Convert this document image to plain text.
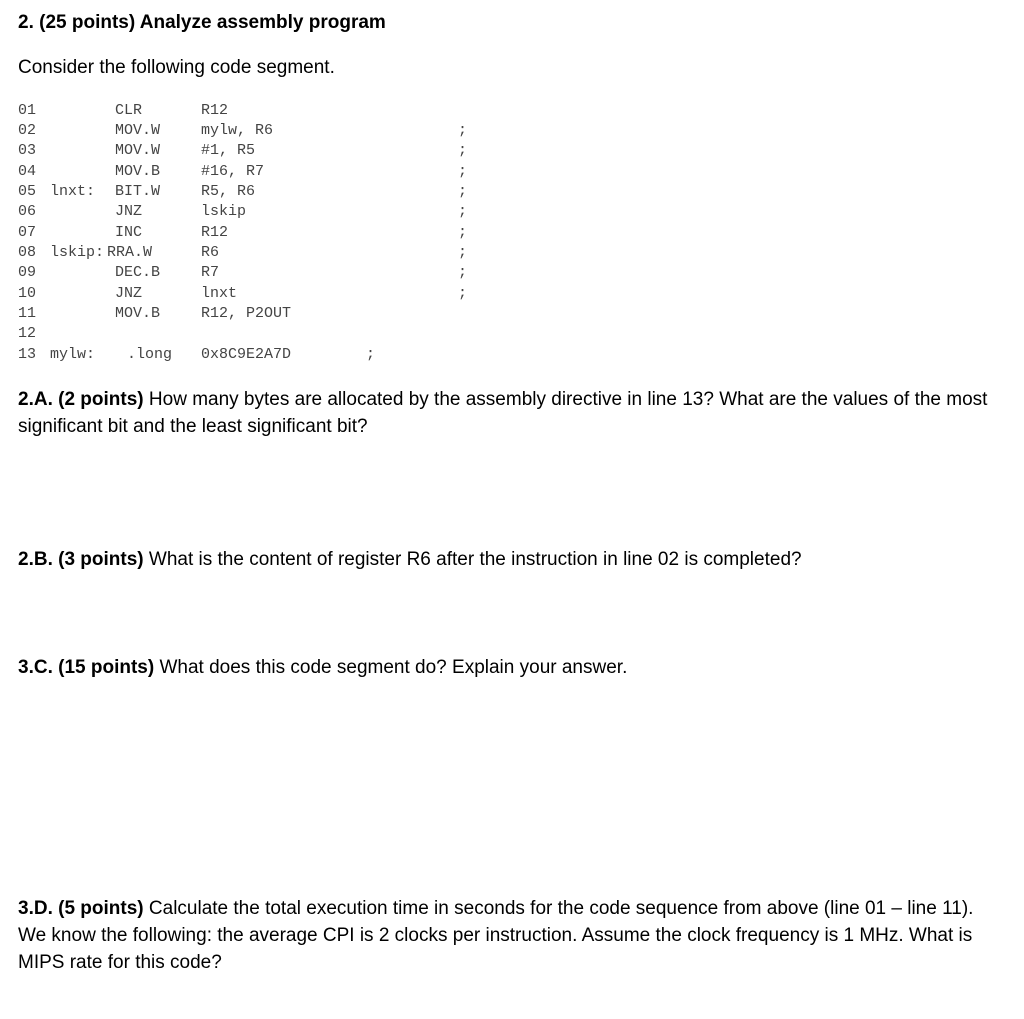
2. (25 points) Analyze assembly program
Consider the following code segment.
01	CLR	R12
02	MOV.W	mylw, R6	;
03	MOV.W	#1, R5	;
04	MOV.B	#16, R7	;
05 lnxt: BIT.W	R5, R6	;
06	JNZ	lskip	;
07	INC	R12	;
08 lskip: RRA.W	R6	;
09	DEC.B	R7	;
10	JNZ	lnxt	;
11	MOV.B	R12, P2OUT
12
13 mylw: .long 0x8C9E2A7D	;
2.A. (2 points) How many bytes are allocated by the assembly directive in line 13? What are the values of the most significant bit and the least significant bit?
2.B. (3 points) What is the content of register R6 after the instruction in line 02 is completed?
3.C. (15 points) What does this code segment do? Explain your answer.
3.D. (5 points) Calculate the total execution time in seconds for the code sequence from above (line 01 – line 11). We know the following: the average CPI is 2 clocks per instruction. Assume the clock frequency is 1 MHz. What is MIPS rate for this code?
